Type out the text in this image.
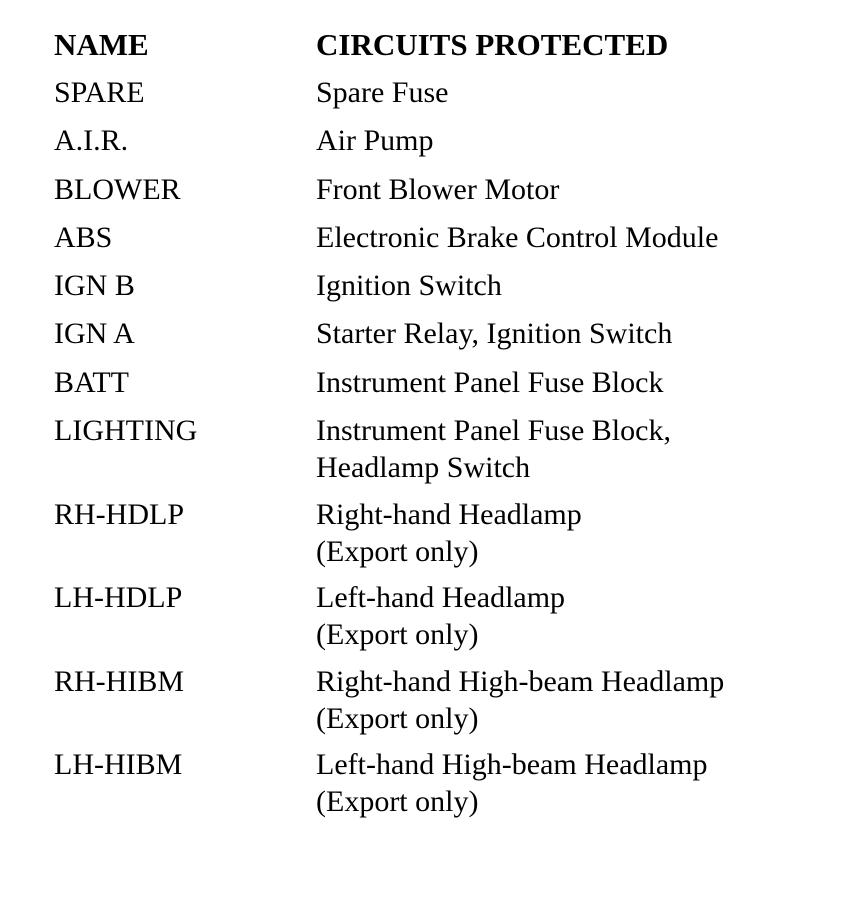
NAME	CIRCUITS PROTECTED
SPARE	Spare Fuse
A.I.R.	Air Pump
BLOWER	Front Blower Motor
ABS	Electronic Brake Control Module
IGN B	Ignition Switch
IGN A	Starter Relay, Ignition Switch
BATT	Instrument Panel Fuse Block
LIGHTING	Instrument Panel Fuse Block,
Headlamp Switch
RH-HDLP	Right-hand Headlamp
(Export only)
LH-HDLP	Left-hand Headlamp
(Export only)
RH-HIBM	Right-hand High-beam Headlamp
(Export only)
LH-HIBM	Left-hand High-beam Headlamp
(Export only)
